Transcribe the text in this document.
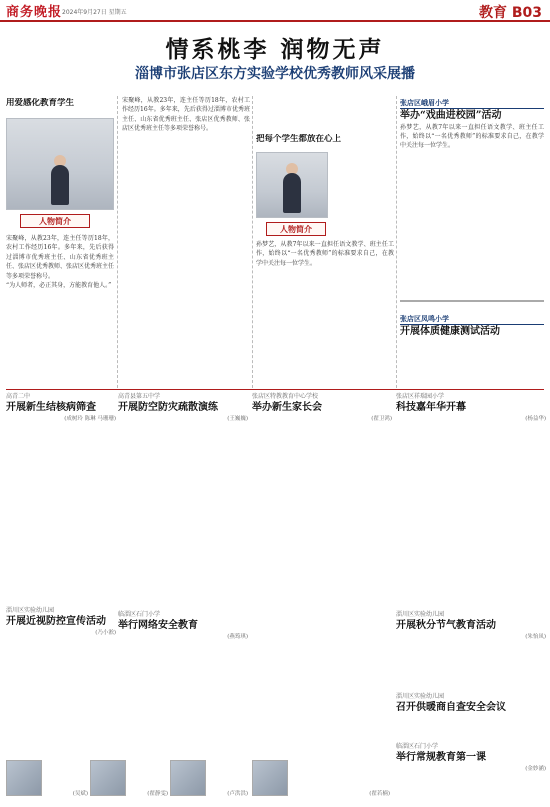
商务晚报 2024年9月27日 星期五	教育 B03
情系桃李 润物无声
淄博市张店区东方实验学校优秀教师风采展播
用爱感化教育学生
人物简介
宋聚峰，从教23年，连主任等历18年，农村工作经历16年。多年来，先后获得过淄博市优秀班主任、山东省优秀班主任、张店区优秀教师、张店区优秀班主任等多项荣誉称号。
“为人师者，必正其身，方能教育他人。”
宋聚峰，从教23年，连主任等历18年，农村工作经历16年。多年来，先后获得过淄博市优秀班主任、山东省优秀班主任、张店区优秀教师、张店区优秀班主任等多项荣誉称号。
把每个学生都放在心上
人物简介
孙梦艺，从教7年以来一直担任语文教学、班主任工作，始终以“一名优秀教师”的标准要求自己，在教学中关注每一位学生。
张店区峨眉小学
举办“戏曲进校园”活动
孙梦艺，从教7年以来一直担任语文教学、班主任工作，始终以“一名优秀教师”的标准要求自己，在教学中关注每一位学生。
张店区凤鸣小学
开展体质健康测试活动
高青二中
开展新生结核病筛查
(成树玲 陈琳 马珊珊)
高青县第五中学
开展防空防灾疏散演练
(王巍巍)
张店区特教教育中心学校
举办新生家长会
(翟卫鸿)
张店区祥瑞园小学
科技嘉年华开幕
(杨益华)
淄川区实验幼儿园
开展近视防控宣传活动
(乃小淞)
临淄区石门小学
举行网络安全教育
(燕筠琪)
淄川区实验幼儿园
开展秋分节气教育活动
(朱怡凤)
淄川区实验幼儿园
召开供暖商自查安全会议
临淄区石门小学
举行常规教育第一课
(金妙涵)
(吴斌)	(翟静雯)	(卢洪洪)	(翟若楠)
